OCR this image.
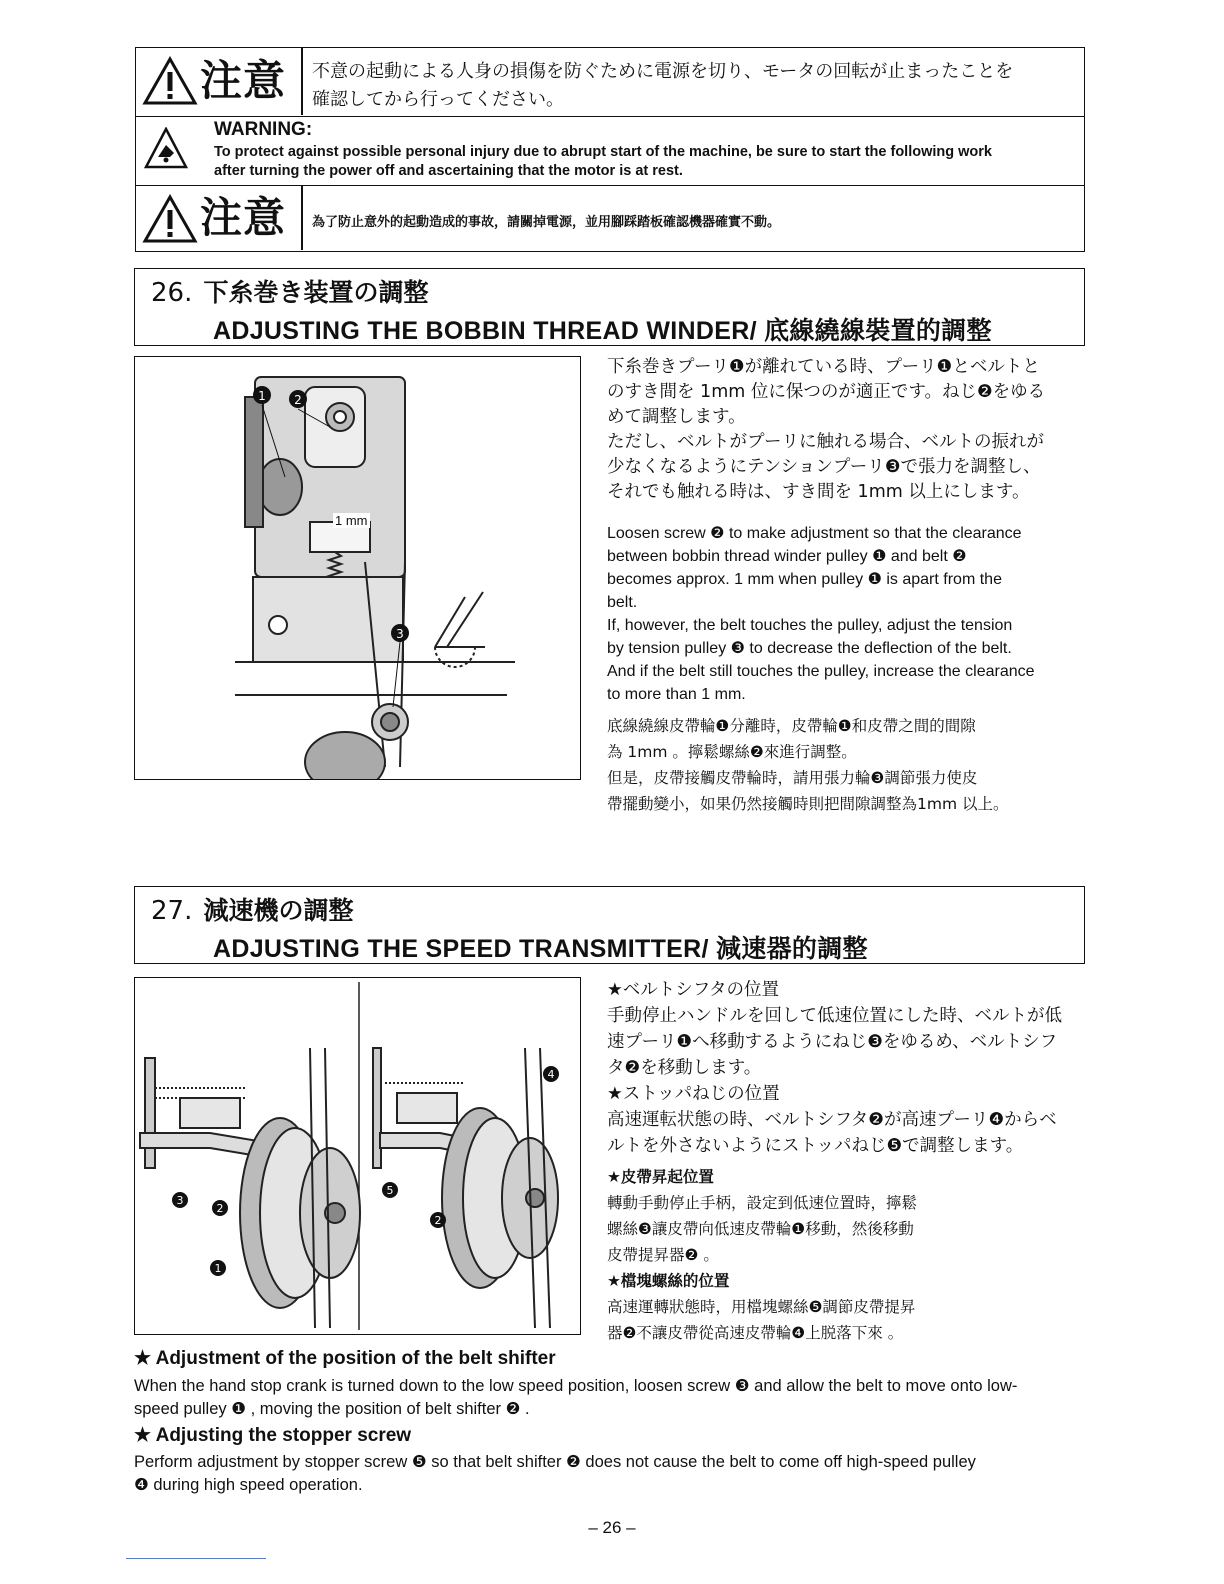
注意 不意の起動による人身の損傷を防ぐために電源を切り、モータの回転が止まったことを
確認してから行ってください。
WARNING:
To protect against possible personal injury due to abrupt start of the machine, be sure to start the following work
after turning the power off and ascertaining that the motor is at rest.
注意 為了防止意外的起動造成的事故，請關掉電源，並用腳踩踏板確認機器確實不動。
26. 下糸巻き装置の調整
ADJUSTING THE BOBBIN THREAD WINDER/ 底線繞線裝置的調整
1 2
3
1 mm
下糸巻きプーリ❶が離れている時、プーリ❶とベルトと
のすき間を 1mm 位に保つのが適正です。ねじ❷をゆる
めて調整します。
ただし、ベルトがプーリに触れる場合、ベルトの振れが
少なくなるようにテンションプーリ❸で張力を調整し、
それでも触れる時は、すき間を 1mm 以上にします。
Loosen screw ❷ to make adjustment so that the clearance
between bobbin thread winder pulley ❶ and belt ❷
becomes approx. 1 mm when pulley ❶ is apart from the
belt.
If, however, the belt touches the pulley, adjust the tension
by tension pulley ❸ to decrease the deflection of the belt.
And if the belt still touches the pulley, increase the clearance
to more than 1 mm.
底線繞線皮帶輪❶分離時，皮帶輪❶和皮帶之間的間隙
為 1mm 。擰鬆螺絲❷來進行調整。
但是，皮帶接觸皮帶輪時，請用張力輪❸調節張力使皮
帶擺動變小，如果仍然接觸時則把間隙調整為1mm 以上。
27. 減速機の調整
ADJUSTING THE SPEED TRANSMITTER/ 減速器的調整
3
2
1
4
5
2
★ベルトシフタの位置
手動停止ハンドルを回して低速位置にした時、ベルトが低
速プーリ❶へ移動するようにねじ❸をゆるめ、ベルトシフ
タ❷を移動します。
★ストッパねじの位置
高速運転状態の時、ベルトシフタ❷が高速プーリ❹からベ
ルトを外さないようにストッパねじ❺で調整します。
★皮帶昇起位置
轉動手動停止手柄，設定到低速位置時，擰鬆
螺絲❸讓皮帶向低速皮帶輪❶移動，然後移動
皮帶提昇器❷ 。
★檔塊螺絲的位置
高速運轉狀態時，用檔塊螺絲❺調節皮帶提昇
器❷不讓皮帶從高速皮帶輪❹上脱落下來 。
★ Adjustment of the position of the belt shifter
When the hand stop crank is turned down to the low speed position, loosen screw ❸ and allow the belt to move onto low-
speed pulley ❶ , moving the position of belt shifter ❷ .
★ Adjusting the stopper screw
Perform adjustment by stopper screw ❺ so that belt shifter ❷ does not cause the belt to come off high-speed pulley
❹ during high speed operation.
– 26 –
